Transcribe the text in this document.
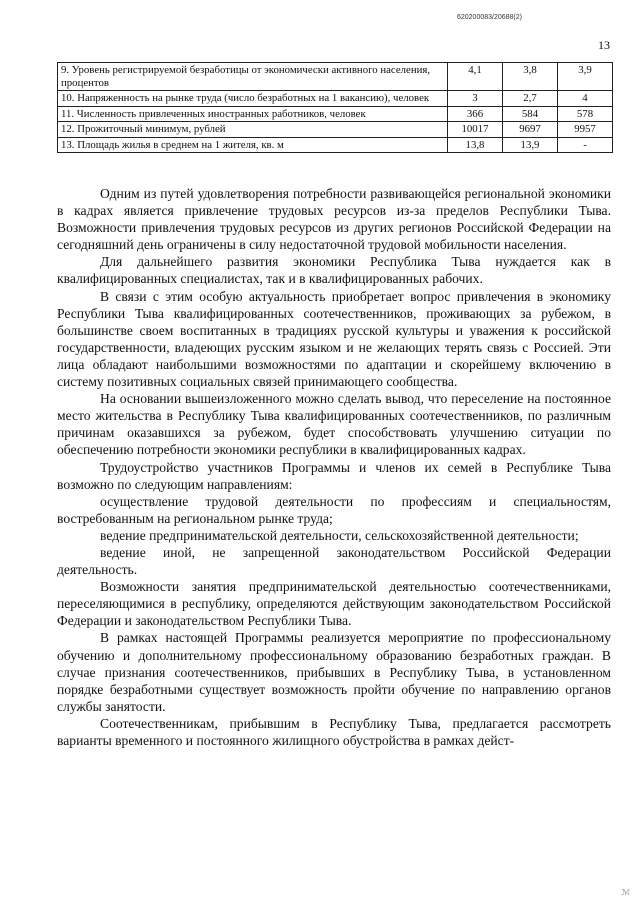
620200083/20688(2)
13
9. Уровень регистрируемой безработицы от экономически активного населения, процентов	4,1	3,8	3,9
10. Напряженность на рынке труда (число безработных на 1 вакансию), человек	3	2,7	4
11. Численность привлеченных иностранных работников, человек	366	584	578
12. Прожиточный минимум, рублей	10017	9697	9957
13. Площадь жилья в среднем на 1 жителя, кв. м	13,8	13,9	-

Одним из путей удовлетворения потребности развивающейся региональной экономики в кадрах является привлечение трудовых ресурсов из-за пределов Республики Тыва. Возможности привлечения трудовых ресурсов из других регионов Российской Федерации на сегодняшний день ограничены в силу недостаточной трудовой мобильности населения.

Для дальнейшего развития экономики Республика Тыва нуждается как в квалифицированных специалистах, так и в квалифицированных рабочих.

В связи с этим особую актуальность приобретает вопрос привлечения в экономику Республики Тыва квалифицированных соотечественников, проживающих за рубежом, в большинстве своем воспитанных в традициях русской культуры и уважения к российской государственности, владеющих русским языком и не желающих терять связь с Россией. Эти лица обладают наибольшими возможностями по адаптации и скорейшему включению в систему позитивных социальных связей принимающего сообщества.

На основании вышеизложенного можно сделать вывод, что переселение на постоянное место жительства в Республику Тыва квалифицированных соотечественников, по различным причинам оказавшихся за рубежом, будет способствовать улучшению ситуации по обеспечению потребности экономики республики в квалифицированных кадрах.

Трудоустройство участников Программы и членов их семей в Республике Тыва возможно по следующим направлениям:

осуществление трудовой деятельности по профессиям и специальностям, востребованным на региональном рынке труда;

ведение предпринимательской деятельности, сельскохозяйственной деятельности;

ведение иной, не запрещенной законодательством Российской Федерации деятельность.

Возможности занятия предпринимательской деятельностью соотечественниками, переселяющимися в республику, определяются действующим законодательством Российской Федерации и законодательством Республики Тыва.

В рамках настоящей Программы реализуется мероприятие по профессиональному обучению и дополнительному профессиональному образованию безработных граждан. В случае признания соотечественников, прибывших в Республику Тыва, в установленном порядке безработными существует возможность пройти обучение по направлению органов службы занятости.

Соотечественникам, прибывшим в Республику Тыва, предлагается рассмотреть варианты временного и постоянного жилищного обустройства в рамках дейст-

ℳ
